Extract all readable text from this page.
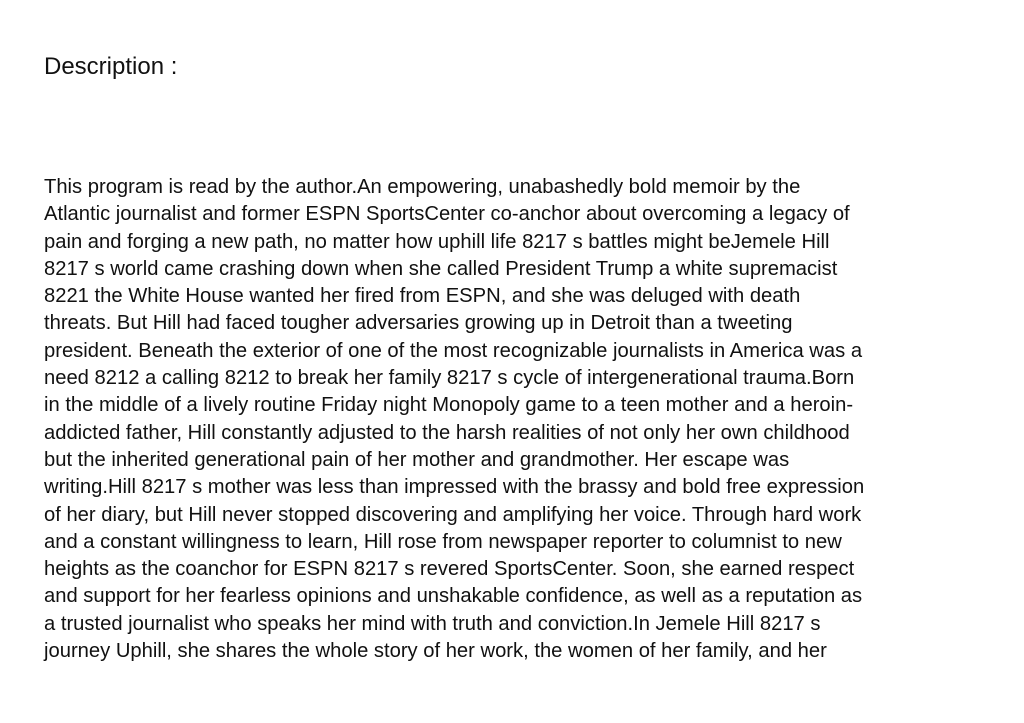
Description :
This program is read by the author.An empowering, unabashedly bold memoir by the
Atlantic journalist and former ESPN SportsCenter co-anchor about overcoming a legacy of
pain and forging a new path, no matter how uphill life 8217 s battles might beJemele Hill
8217 s world came crashing down when she called President Trump a white supremacist
8221 the White House wanted her fired from ESPN, and she was deluged with death
threats. But Hill had faced tougher adversaries growing up in Detroit than a tweeting
president. Beneath the exterior of one of the most recognizable journalists in America was a
need 8212 a calling 8212 to break her family 8217 s cycle of intergenerational trauma.Born
in the middle of a lively routine Friday night Monopoly game to a teen mother and a heroin-
addicted father, Hill constantly adjusted to the harsh realities of not only her own childhood
but the inherited generational pain of her mother and grandmother. Her escape was
writing.Hill 8217 s mother was less than impressed with the brassy and bold free expression
of her diary, but Hill never stopped discovering and amplifying her voice. Through hard work
and a constant willingness to learn, Hill rose from newspaper reporter to columnist to new
heights as the coanchor for ESPN 8217 s revered SportsCenter. Soon, she earned respect
and support for her fearless opinions and unshakable confidence, as well as a reputation as
a trusted journalist who speaks her mind with truth and conviction.In Jemele Hill 8217 s
journey Uphill, she shares the whole story of her work, the women of her family, and her
